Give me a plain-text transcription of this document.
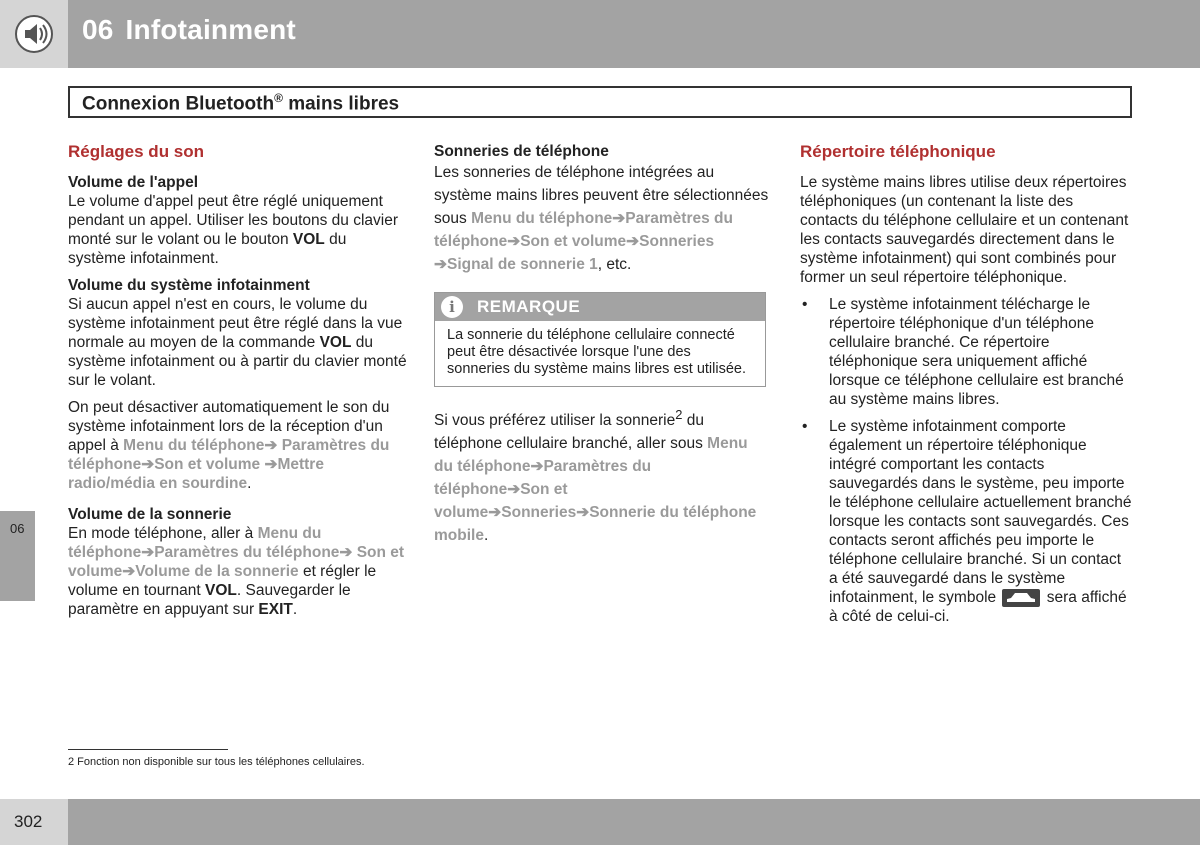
06 Infotainment
Connexion Bluetooth® mains libres
Réglages du son
Volume de l'appel

Le volume d'appel peut être réglé uniquement pendant un appel. Utiliser les boutons du clavier monté sur le volant ou le bouton VOL du système infotainment.

Volume du système infotainment

Si aucun appel n'est en cours, le volume du système infotainment peut être réglé dans la vue normale au moyen de la commande VOL du système infotainment ou à partir du clavier monté sur le volant.

On peut désactiver automatiquement le son du système infotainment lors de la réception d'un appel à Menu du téléphone➔ Paramètres du téléphone➔Son et volume ➔Mettre radio/média en sourdine.

Volume de la sonnerie

En mode téléphone, aller à Menu du téléphone➔Paramètres du téléphone➔ Son et volume➔Volume de la sonnerie et régler le volume en tournant VOL. Sauvegarder le paramètre en appuyant sur EXIT.

Sonneries de téléphone

Les sonneries de téléphone intégrées au système mains libres peuvent être sélectionnées sous Menu du téléphone➔Paramètres du téléphone➔Son et volume➔Sonneries ➔Signal de sonnerie 1, etc.

i	REMARQUE
La sonnerie du téléphone cellulaire connecté peut être désactivée lorsque l'une des sonneries du système mains libres est utilisée.

Si vous préférez utiliser la sonnerie$^2$ du téléphone cellulaire branché, aller sous Menu du téléphone➔Paramètres du téléphone➔Son et volume➔Sonneries➔Sonnerie du téléphone mobile.

Répertoire téléphonique

Le système mains libres utilise deux répertoires téléphoniques (un contenant la liste des contacts du téléphone cellulaire et un contenant les contacts sauvegardés directement dans le système infotainment) qui sont combinés pour former un seul répertoire téléphonique.

• Le système infotainment télécharge le répertoire téléphonique d'un téléphone cellulaire branché. Ce répertoire téléphonique sera uniquement affiché lorsque ce téléphone cellulaire est branché au système mains libres.
• Le système infotainment comporte également un répertoire téléphonique intégré comportant les contacts sauvegardés dans le système, peu importe le téléphone cellulaire actuellement branché lorsque les contacts sont sauvegardés. Ces contacts seront affichés peu importe le téléphone cellulaire branché. Si un contact a été sauvegardé dans le système infotainment, le symbole	sera affiché à côté de celui-ci.
06
2 Fonction non disponible sur tous les téléphones cellulaires.
302
